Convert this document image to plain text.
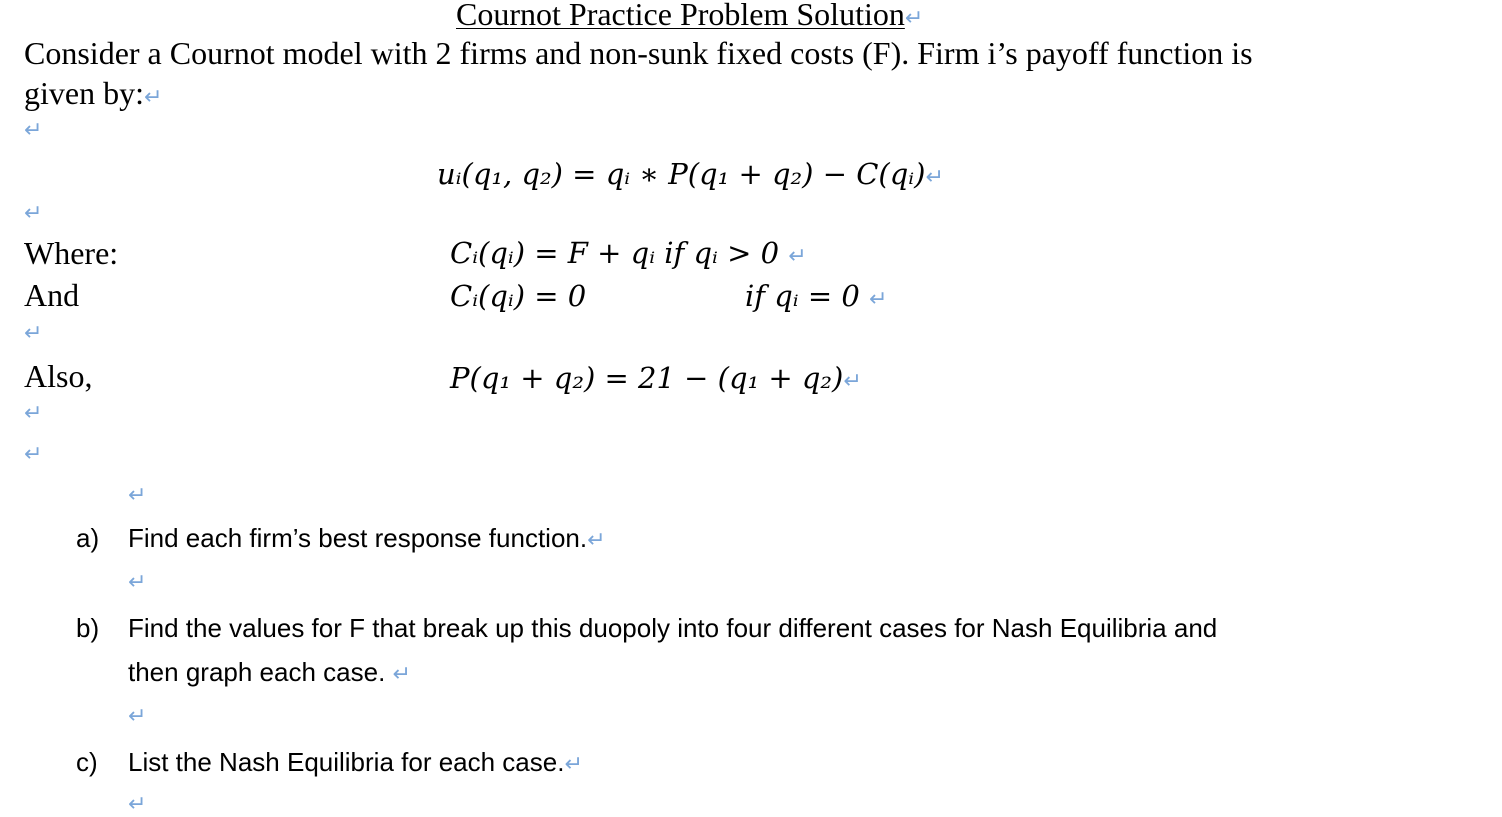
Cournot Practice Problem Solution↵
Consider a Cournot model with 2 firms and non-sunk fixed costs (F). Firm i’s payoff function is
given by:↵
↵
uᵢ(q₁, q₂) = qᵢ ∗ P(q₁ + q₂) − C(qᵢ)↵
↵
Where:	Cᵢ(qᵢ) = F + qᵢ if qᵢ > 0 ↵
And	Cᵢ(qᵢ) = 0	if qᵢ = 0 ↵
↵
Also,	P(q₁ + q₂) = 21 − (q₁ + q₂)↵
↵
↵
↵
a) Find each firm’s best response function.↵
↵
b) Find the values for F that break up this duopoly into four different cases for Nash Equilibria and
then graph each case. ↵
↵
c) List the Nash Equilibria for each case.↵
↵
